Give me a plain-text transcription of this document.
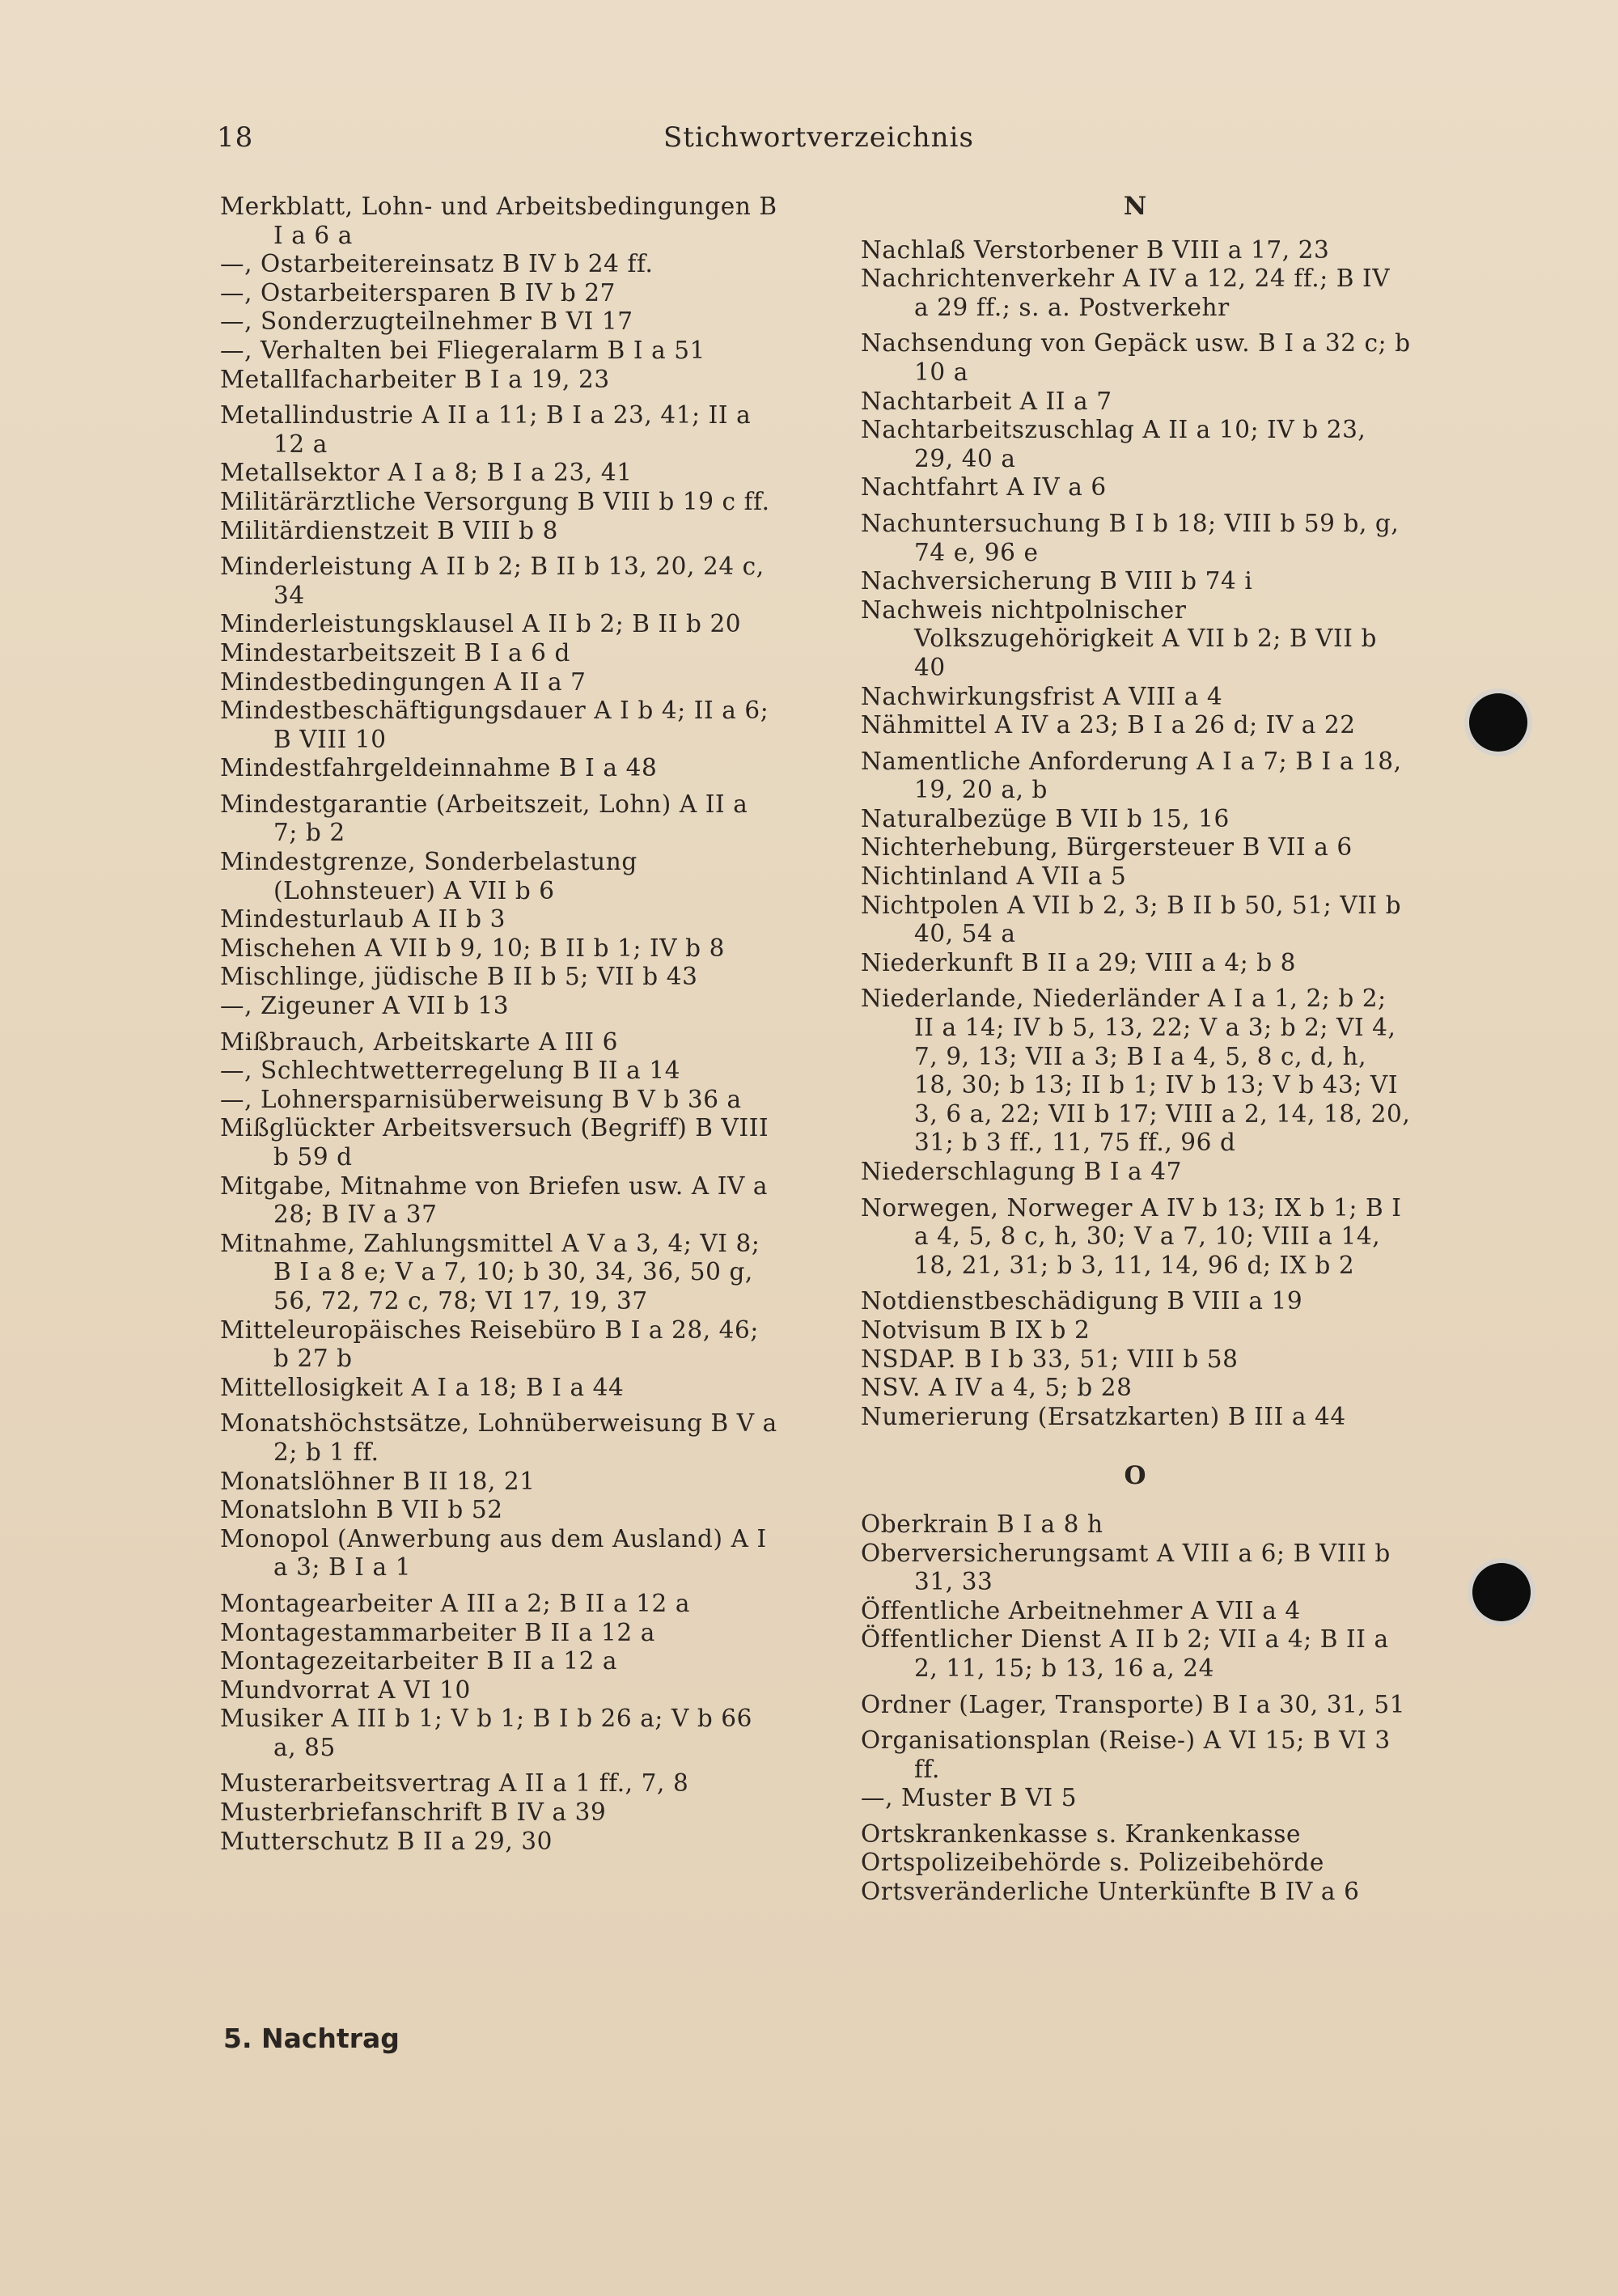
18	Stichwortverzeichnis
Merkblatt, Lohn- und Arbeitsbedingungen B I a 6 a
—, Ostarbeitereinsatz B IV b 24 ff.
—, Ostarbeitersparen B IV b 27
—, Sonderzugteilnehmer B VI 17
—, Verhalten bei Fliegeralarm B I a 51
Metallfacharbeiter B I a 19, 23
Metallindustrie A II a 11; B I a 23, 41; II a 12 a
Metallsektor A I a 8; B I a 23, 41
Militärärztliche Versorgung B VIII b 19 c ff.
Militärdienstzeit B VIII b 8
Minderleistung A II b 2; B II b 13, 20, 24 c, 34
Minderleistungsklausel A II b 2; B II b 20
Mindestarbeitszeit B I a 6 d
Mindestbedingungen A II a 7
Mindestbeschäftigungsdauer A I b 4; II a 6; B VIII 10
Mindestfahrgeldeinnahme B I a 48
Mindestgarantie (Arbeitszeit, Lohn) A II a 7; b 2
Mindestgrenze, Sonderbelastung (Lohnsteuer) A VII b 6
Mindesturlaub A II b 3
Mischehen A VII b 9, 10; B II b 1; IV b 8
Mischlinge, jüdische B II b 5; VII b 43
—, Zigeuner A VII b 13
Mißbrauch, Arbeitskarte A III 6
—, Schlechtwetterregelung B II a 14
—, Lohnersparnisüberweisung B V b 36 a
Mißglückter Arbeitsversuch (Begriff) B VIII b 59 d
Mitgabe, Mitnahme von Briefen usw. A IV a 28; B IV a 37
Mitnahme, Zahlungsmittel A V a 3, 4; VI 8; B I a 8 e; V a 7, 10; b 30, 34, 36, 50 g, 56, 72, 72 c, 78; VI 17, 19, 37
Mitteleuropäisches Reisebüro B I a 28, 46; b 27 b
Mittellosigkeit A I a 18; B I a 44
Monatshöchstsätze, Lohnüberweisung B V a 2; b 1 ff.
Monatslöhner B II 18, 21
Monatslohn B VII b 52
Monopol (Anwerbung aus dem Ausland) A I a 3; B I a 1
Montagearbeiter A III a 2; B II a 12 a
Montagestammarbeiter B II a 12 a
Montagezeitarbeiter B II a 12 a
Mundvorrat A VI 10
Musiker A III b 1; V b 1; B I b 26 a; V b 66 a, 85
Musterarbeitsvertrag A II a 1 ff., 7, 8
Musterbriefanschrift B IV a 39
Mutterschutz B II a 29, 30
N
Nachlaß Verstorbener B VIII a 17, 23
Nachrichtenverkehr A IV a 12, 24 ff.; B IV a 29 ff.; s. a. Postverkehr
Nachsendung von Gepäck usw. B I a 32 c; b 10 a
Nachtarbeit A II a 7
Nachtarbeitszuschlag A II a 10; IV b 23, 29, 40 a
Nachtfahrt A IV a 6
Nachuntersuchung B I b 18; VIII b 59 b, g, 74 e, 96 e
Nachversicherung B VIII b 74 i
Nachweis nichtpolnischer Volkszugehörigkeit A VII b 2; B VII b 40
Nachwirkungsfrist A VIII a 4
Nähmittel A IV a 23; B I a 26 d; IV a 22
Namentliche Anforderung A I a 7; B I a 18, 19, 20 a, b
Naturalbezüge B VII b 15, 16
Nichterhebung, Bürgersteuer B VII a 6
Nichtinland A VII a 5
Nichtpolen A VII b 2, 3; B II b 50, 51; VII b 40, 54 a
Niederkunft B II a 29; VIII a 4; b 8
Niederlande, Niederländer A I a 1, 2; b 2; II a 14; IV b 5, 13, 22; V a 3; b 2; VI 4, 7, 9, 13; VII a 3; B I a 4, 5, 8 c, d, h, 18, 30; b 13; II b 1; IV b 13; V b 43; VI 3, 6 a, 22; VII b 17; VIII a 2, 14, 18, 20, 31; b 3 ff., 11, 75 ff., 96 d
Niederschlagung B I a 47
Norwegen, Norweger A IV b 13; IX b 1; B I a 4, 5, 8 c, h, 30; V a 7, 10; VIII a 14, 18, 21, 31; b 3, 11, 14, 96 d; IX b 2
Notdienstbeschädigung B VIII a 19
Notvisum B IX b 2
NSDAP. B I b 33, 51; VIII b 58
NSV. A IV a 4, 5; b 28
Numerierung (Ersatzkarten) B III a 44
O
Oberkrain B I a 8 h
Oberversicherungsamt A VIII a 6; B VIII b 31, 33
Öffentliche Arbeitnehmer A VII a 4
Öffentlicher Dienst A II b 2; VII a 4; B II a 2, 11, 15; b 13, 16 a, 24
Ordner (Lager, Transporte) B I a 30, 31, 51
Organisationsplan (Reise-) A VI 15; B VI 3 ff.
—, Muster B VI 5
Ortskrankenkasse s. Krankenkasse
Ortspolizeibehörde s. Polizeibehörde
Ortsveränderliche Unterkünfte B IV a 6
5. Nachtrag
